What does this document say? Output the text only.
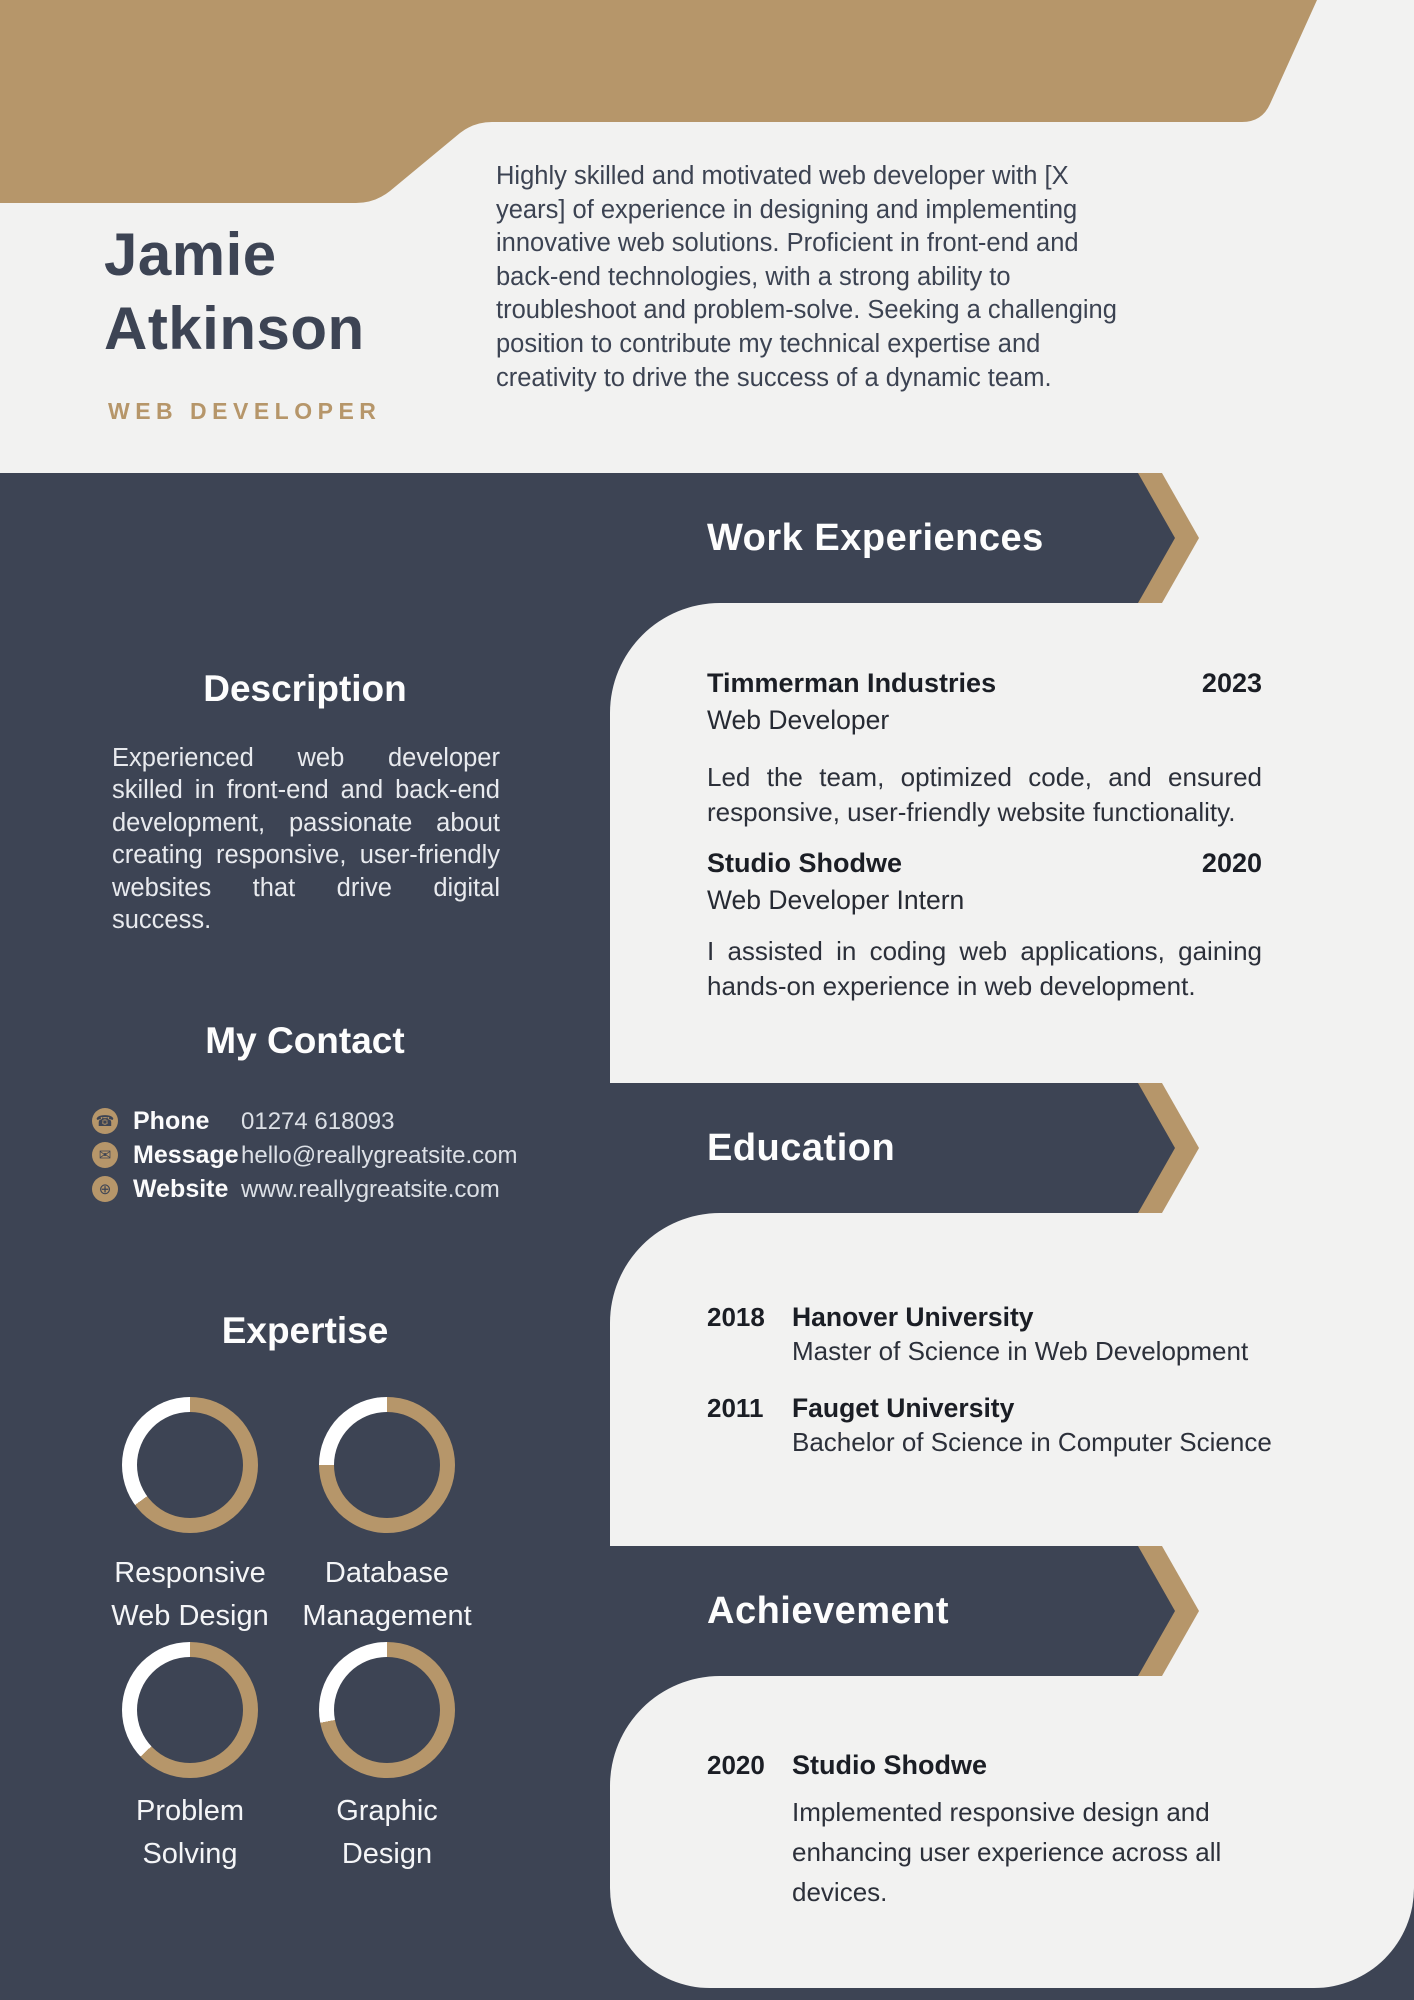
Jamie
Atkinson
WEB DEVELOPER
Highly skilled and motivated web developer with [X years] of experience in designing and implementing innovative web solutions. Proficient in front-end and back-end technologies, with a strong ability to troubleshoot and problem-solve. Seeking a challenging position to contribute my technical expertise and creativity to drive the success of a dynamic team.
Work Experiences
Education
Achievement
Description
Experienced web developer skilled in front-end and back-end development, passionate about creating responsive, user-friendly websites that drive digital success.
My Contact
☎ Phone 01274 618093
✉ Message hello@reallygreatsite.com
⊕ Website www.reallygreatsite.com
Expertise
Responsive
Web Design
Database
Management
Problem
Solving
Graphic
Design
Timmerman Industries	2023
Web Developer
Led the team, optimized code, and ensured responsive, user-friendly website functionality.
Studio Shodwe	2020
Web Developer Intern
I assisted in coding web applications, gaining hands-on experience in web development.
2018 Hanover University
Master of Science in Web Development
2011 Fauget University
Bachelor of Science in Computer Science
2020 Studio Shodwe
Implemented responsive design and enhancing user experience across all devices.
